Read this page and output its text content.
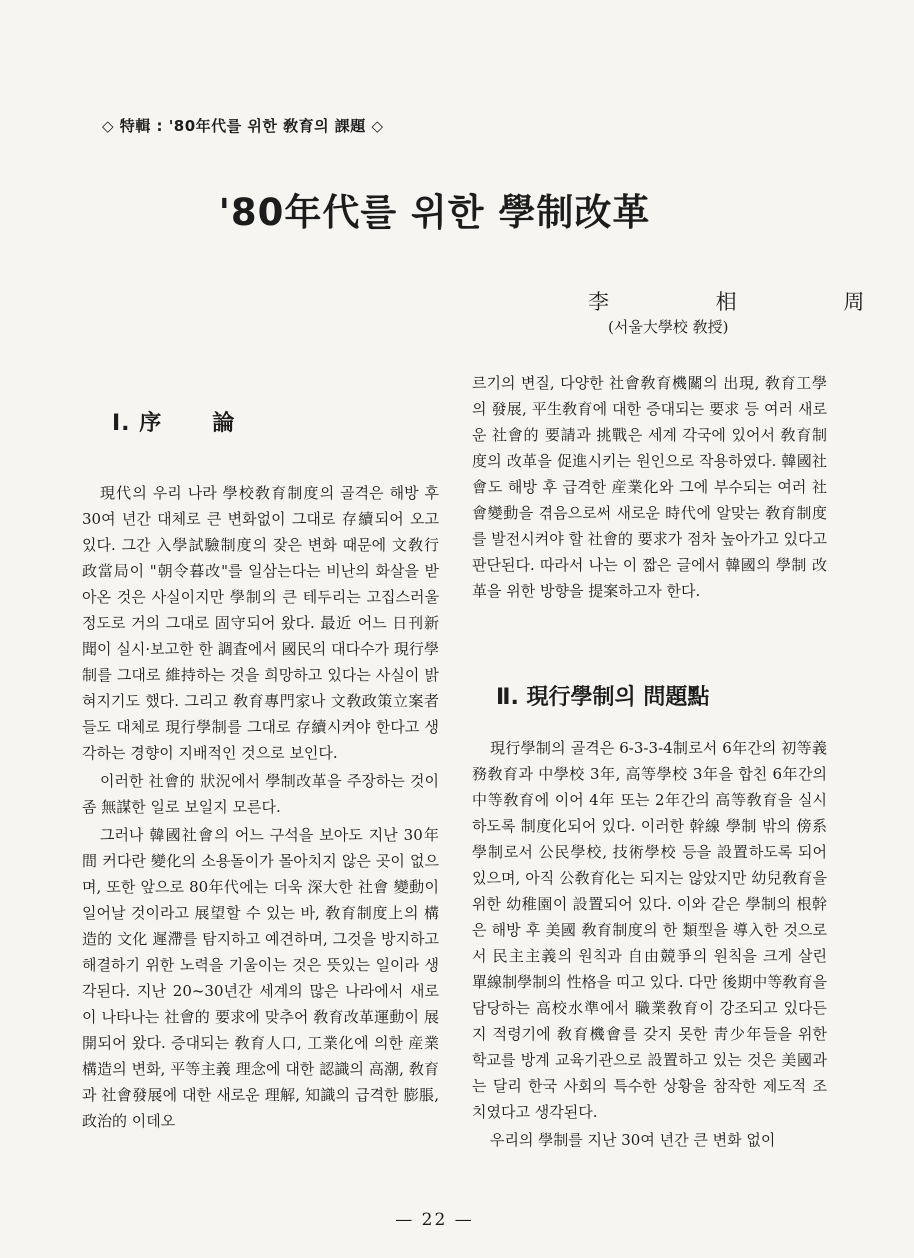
◇ 特輯 : '80年代를 위한 敎育의 課題 ◇
'80年代를 위한 學制改革
李 相 周
(서울大學校 敎授)
Ⅰ. 序 論

現代의 우리 나라 學校敎育制度의 골격은 해방 후 30여 년간 대체로 큰 변화없이 그대로 存續되어 오고 있다. 그간 入學試驗制度의 잦은 변화 때문에 文敎行政當局이 "朝令暮改"를 일삼는다는 비난의 화살을 받아온 것은 사실이지만 學制의 큰 테두리는 고집스러울 정도로 거의 그대로 固守되어 왔다. 最近 어느 日刊新聞이 실시·보고한 한 調査에서 國民의 대다수가 現行學制를 그대로 維持하는 것을 희망하고 있다는 사실이 밝혀지기도 했다. 그리고 敎育專門家나 文敎政策立案者들도 대체로 現行學制를 그대로 存續시켜야 한다고 생각하는 경향이 지배적인 것으로 보인다.

이러한 社會的 狀況에서 學制改革을 주장하는 것이 좀 無謀한 일로 보일지 모른다.

그러나 韓國社會의 어느 구석을 보아도 지난 30年間 커다란 變化의 소용돌이가 몰아치지 않은 곳이 없으며, 또한 앞으로 80年代에는 더욱 深大한 社會 變動이 일어날 것이라고 展望할 수 있는 바, 敎育制度上의 構造的 文化 遲滯를 탐지하고 예견하며, 그것을 방지하고 해결하기 위한 노력을 기울이는 것은 뜻있는 일이라 생각된다. 지난 20~30년간 세계의 많은 나라에서 새로이 나타나는 社會的 要求에 맞추어 敎育改革運動이 展開되어 왔다. 증대되는 敎育人口, 工業化에 의한 産業構造의 변화, 平等主義 理念에 대한 認識의 高潮, 敎育과 社會發展에 대한 새로운 理解, 知識의 급격한 膨脹, 政治的 이데오

르기의 변질, 다양한 社會敎育機關의 出現, 敎育工學의 發展, 平生敎育에 대한 증대되는 要求 등 여러 새로운 社會的 要請과 挑戰은 세계 각국에 있어서 敎育制度의 改革을 促進시키는 원인으로 작용하였다. 韓國社會도 해방 후 급격한 産業化와 그에 부수되는 여러 社會變動을 겪음으로써 새로운 時代에 알맞는 敎育制度를 발전시켜야 할 社會的 要求가 점차 높아가고 있다고 판단된다. 따라서 나는 이 짧은 글에서 韓國의 學制 改革을 위한 방향을 提案하고자 한다.

Ⅱ. 現行學制의 問題點

現行學制의 골격은 6-3-3-4制로서 6年간의 初等義務敎育과 中學校 3年, 高等學校 3年을 합친 6年간의 中等敎育에 이어 4年 또는 2年간의 高等敎育을 실시하도록 制度化되어 있다. 이러한 幹線 學制 밖의 傍系學制로서 公民學校, 技術學校 등을 設置하도록 되어 있으며, 아직 公敎育化는 되지는 않았지만 幼兒敎育을 위한 幼稚園이 設置되어 있다. 이와 같은 學制의 根幹은 해방 후 美國 敎育制度의 한 類型을 導入한 것으로서 民主主義의 원칙과 自由競爭의 원칙을 크게 살린 單線制學制의 性格을 띠고 있다. 다만 後期中等敎育을 담당하는 高校水準에서 職業敎育이 강조되고 있다든지 적령기에 敎育機會를 갖지 못한 靑少年들을 위한 학교를 방계 교육기관으로 設置하고 있는 것은 美國과는 달리 한국 사회의 특수한 상황을 참작한 제도적 조치였다고 생각된다.

우리의 學制를 지난 30여 년간 큰 변화 없이

— 22 —
